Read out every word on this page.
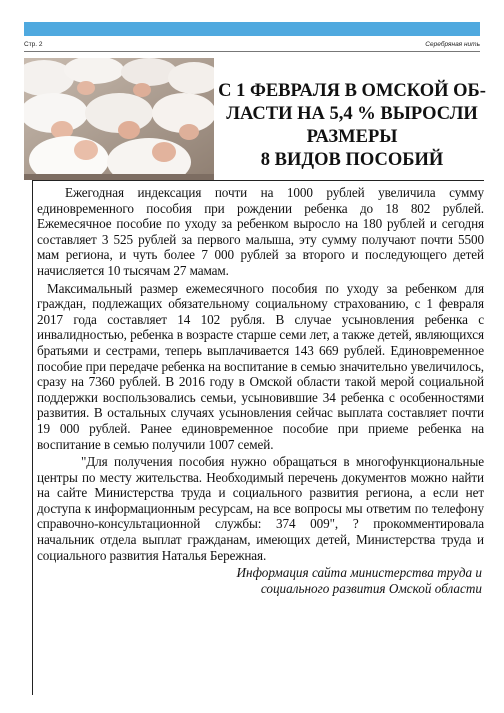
Стр. 2	Серебряная нить
С 1 ФЕВРАЛЯ В ОМСКОЙ ОБ-
ЛАСТИ НА 5,4 % ВЫРОСЛИ
РАЗМЕРЫ
8 ВИДОВ ПОСОБИЙ

Ежегодная индексация почти на 1000 рублей увеличила сумму единовременного пособия при рождении ребенка до 18 802 рублей. Ежемесячное пособие по уходу за ребенком выросло на 180 рублей и сегодня составляет 3 525 рублей за первого малыша, эту сумму получают почти 5500 мам региона, и чуть более 7 000 рублей за второго и последующего детей начисляется 10 тысячам 27 мамам.

Максимальный размер ежемесячного пособия по уходу за ребенком для граждан, подлежащих обязательному социальному страхованию, с 1 февраля 2017 года составляет 14 102 рубля. В случае усыновления ребенка с инвалидностью, ребенка в возрасте старше семи лет, а также детей, являющихся братьями и сестрами, теперь выплачивается 143 669 рублей. Единовременное пособие при передаче ребенка на воспитание в семью значительно увеличилось, сразу на 7360 рублей. В 2016 году в Омской области такой мерой социальной поддержки воспользовались семьи, усыновившие 34 ребенка с особенностями развития. В остальных случаях усыновления сейчас выплата составляет почти 19 000 рублей. Ранее единовременное пособие при приеме ребенка на воспитание в семью получили 1007 семей.

"Для получения пособия нужно обращаться в многофункциональные центры по месту жительства. Необходимый перечень документов можно найти на сайте Министерства труда и социального развития региона, а если нет доступа к информационным ресурсам, на все вопросы мы ответим по телефону справочно-консультационной службы: 374 009", ? прокомментировала начальник отдела выплат гражданам, имеющих детей, Министерства труда и социального развития Наталья Бережная.

Информация сайта министерства труда и
социального развития Омской области
